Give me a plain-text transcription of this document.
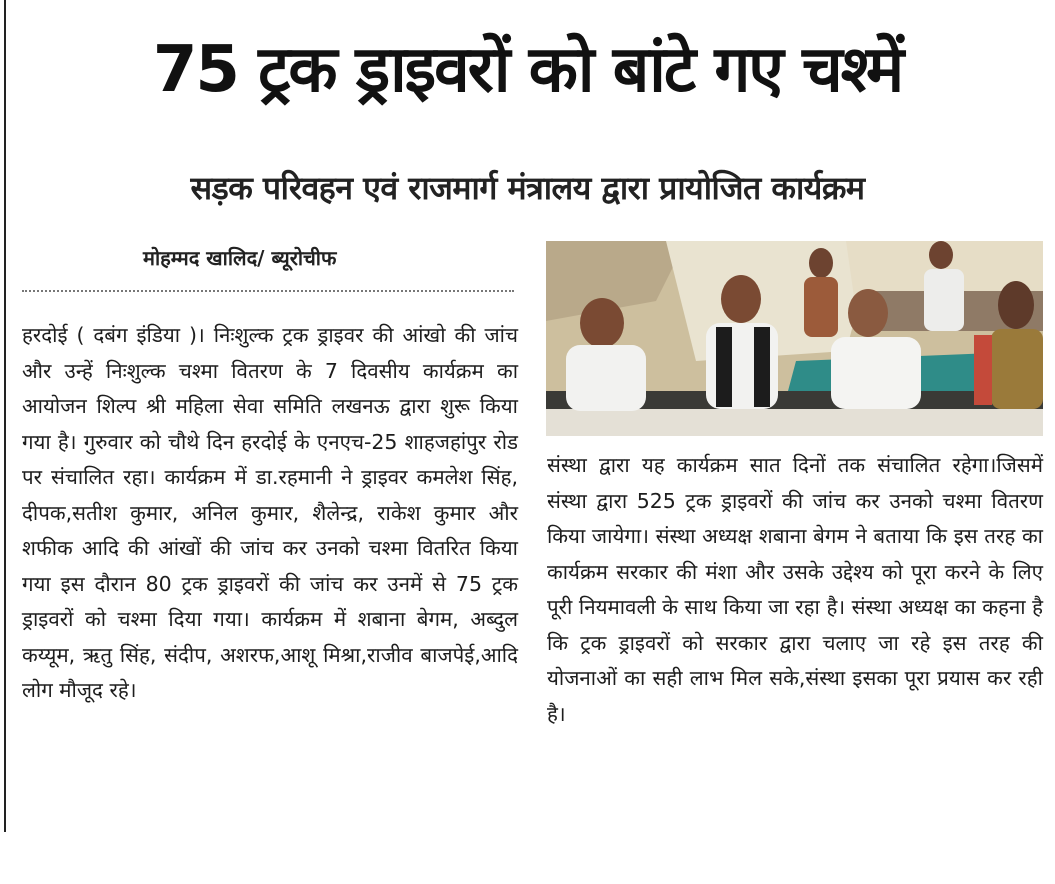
75 ट्रक ड्राइवरों को बांटे गए चश्में
सड़क परिवहन एवं राजमार्ग मंत्रालय द्वारा प्रायोजित कार्यक्रम
मोहम्मद खालिद/ ब्यूरोचीफ
हरदोई ( दबंग इंडिया )। निःशुल्क ट्रक ड्राइवर की आंखो की जांच और उन्हें निःशुल्क चश्मा वितरण के 7 दिवसीय कार्यक्रम का आयोजन शिल्प श्री महिला सेवा समिति लखनऊ द्वारा शुरू किया गया है। गुरुवार को चौथे दिन हरदोई के एनएच-25 शाहजहांपुर रोड पर संचालित रहा। कार्यक्रम में डा.रहमानी ने ड्राइवर कमलेश सिंह, दीपक,सतीश कुमार, अनिल कुमार, शैलेन्द्र, राकेश कुमार और शफीक आदि की आंखों की जांच कर उनको चश्मा वितरित किया गया इस दौरान 80 ट्रक ड्राइवरों की जांच कर उनमें से 75 ट्रक ड्राइवरों को चश्मा दिया गया। कार्यक्रम में शबाना बेगम, अब्दुल कय्यूम, ऋतु सिंह, संदीप, अशरफ,आशू मिश्रा,राजीव बाजपेई,आदि लोग मौजूद रहे।
संस्था द्वारा यह कार्यक्रम सात दिनों तक संचालित रहेगा।जिसमें संस्था द्वारा 525 ट्रक ड्राइवरों की जांच कर उनको चश्मा वितरण किया जायेगा। संस्था अध्यक्ष शबाना बेगम ने बताया कि इस तरह का कार्यक्रम सरकार की मंशा और उसके उद्देश्य को पूरा करने के लिए पूरी नियमावली के साथ किया जा रहा है। संस्था अध्यक्ष का कहना है कि ट्रक ड्राइवरों को सरकार द्वारा चलाए जा रहे इस तरह की योजनाओं का सही लाभ मिल सके,संस्था इसका पूरा प्रयास कर रही है।
